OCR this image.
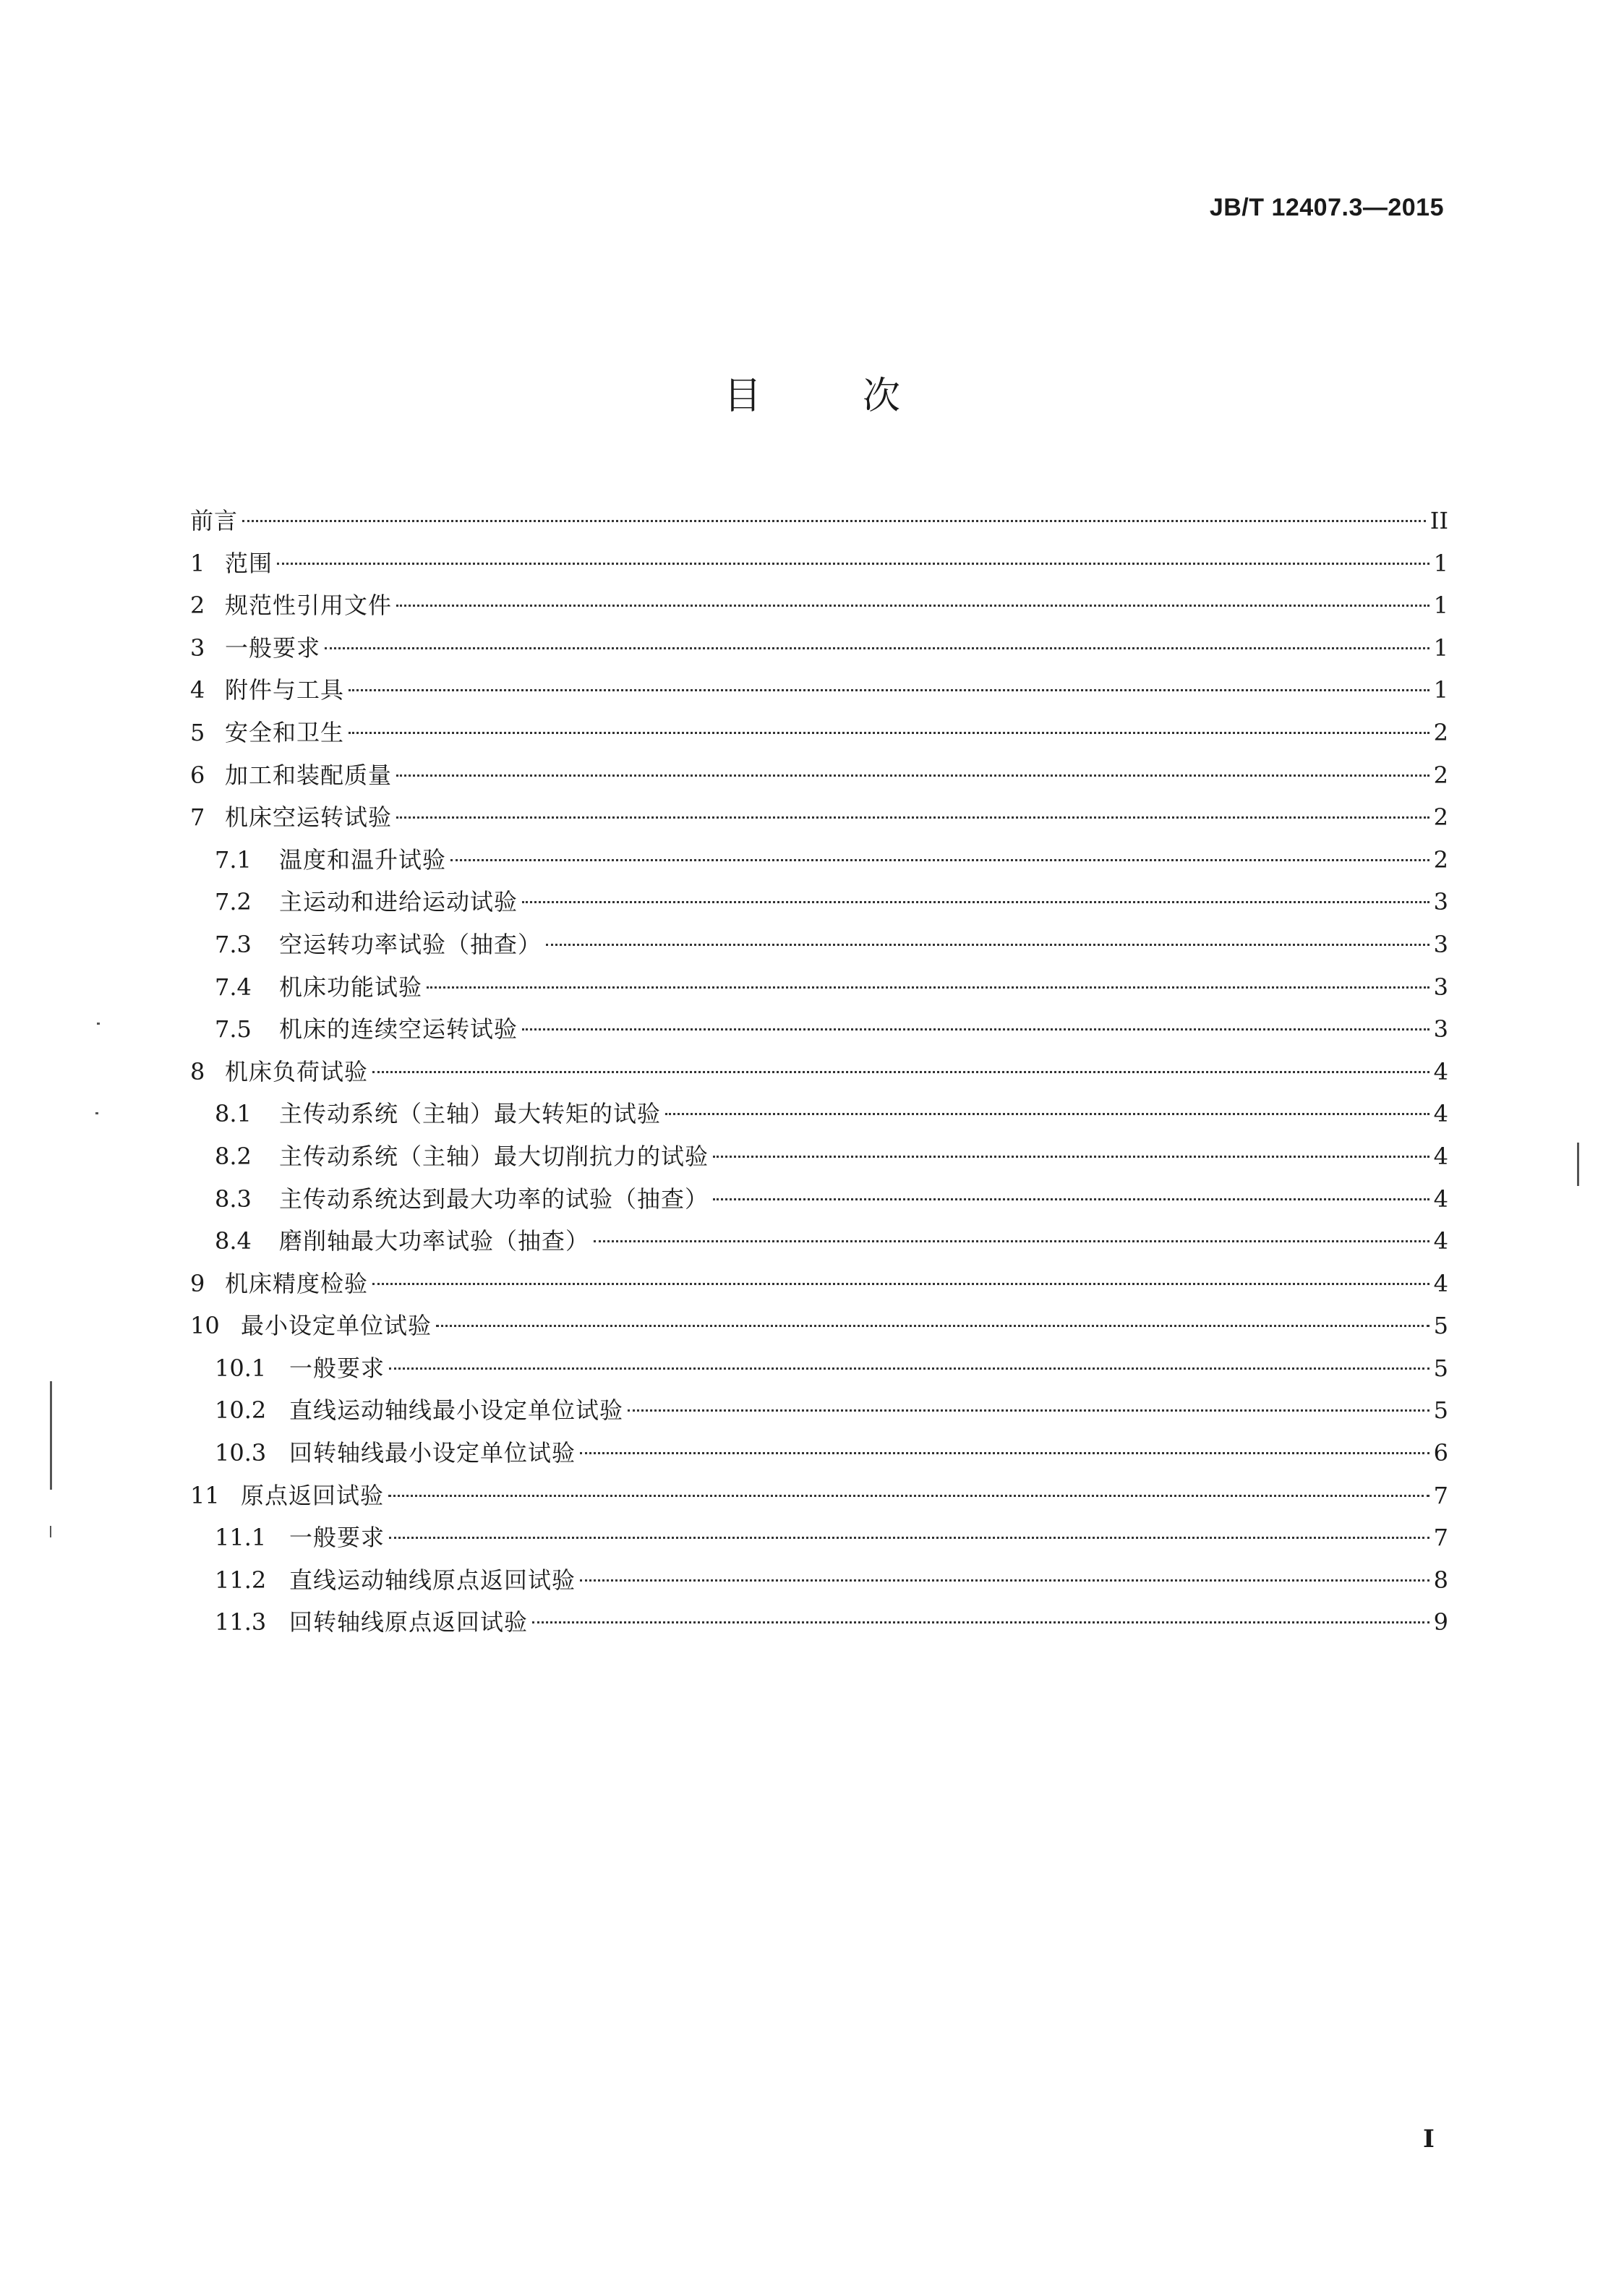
JB/T 12407.3—2015
目次
前言	II
1 范围	1
2 规范性引用文件	1
3 一般要求	1
4 附件与工具	1
5 安全和卫生	2
6 加工和装配质量	2
7 机床空运转试验	2
7.1	温度和温升试验	2
7.2	主运动和进给运动试验	3
7.3	空运转功率试验（抽查）	3
7.4	机床功能试验	3
7.5	机床的连续空运转试验	3
8 机床负荷试验	4
8.1	主传动系统（主轴）最大转矩的试验	4
8.2	主传动系统（主轴）最大切削抗力的试验	4
8.3	主传动系统达到最大功率的试验（抽查）	4
8.4	磨削轴最大功率试验（抽查）	4
9 机床精度检验	4
10 最小设定单位试验	5
10.1 一般要求	5
10.2 直线运动轴线最小设定单位试验	5
10.3 回转轴线最小设定单位试验	6
11 原点返回试验	7
11.1 一般要求	7
11.2 直线运动轴线原点返回试验	8
11.3 回转轴线原点返回试验	9
I
